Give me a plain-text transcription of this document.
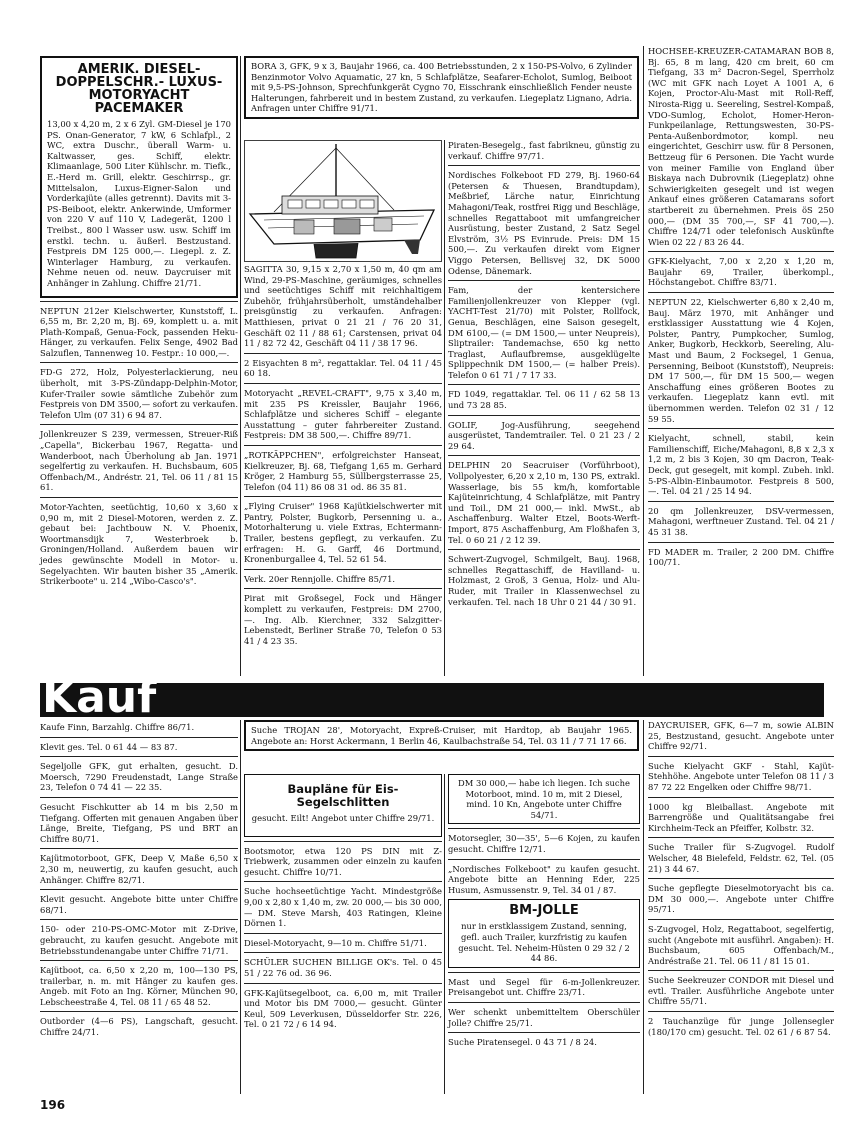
AMERIK. DIESEL-DOPPELSCHR.- LUXUS-MOTORYACHT PACEMAKER
13,00 x 4,20 m, 2 x 6 Zyl. GM-Diesel je 170 PS. Onan-Generator, 7 kW, 6 Schlafpl., 2 WC, extra Duschr., überall Warm- u. Kaltwasser, ges. Schiff, elektr. Klimaanlage, 500 Liter Kühlschr. m. Tiefk., E.-Herd m. Grill, elektr. Geschirrsp., gr. Mittelsalon, Luxus-Eigner-Salon und Vorderkajüte (alles getrennt). Davits mit 3-PS-Beiboot, elektr. Ankerwinde, Umformer von 220 V auf 110 V, Ladegerät, 1200 l Treibst., 800 l Wasser usw. usw. Schiff im erstkl. techn. u. äußerl. Bestzustand. Festpreis DM 125 000,—. Liegepl. z. Z. Winterlager Hamburg, zu verkaufen. Nehme neuen od. neuw. Daycruiser mit Anhänger in Zahlung. Chiffre 21/71.
NEPTUN 212er Kielschwerter, Kunststoff, L. 6,55 m, Br. 2,20 m, Bj. 69, komplett u. a. mit Plath-Kompaß, Genua-Fock, passenden Heku-Hänger, zu verkaufen. Felix Senge, 4902 Bad Salzuflen, Tannenweg 10. Festpr.: 10 000,—.
FD-G 272, Holz, Polyesterlackierung, neu überholt, mit 3-PS-Zündapp-Delphin-Motor, Kufer-Trailer sowie sämtliche Zubehör zum Festpreis von DM 3500,— sofort zu verkaufen. Telefon Ulm (07 31) 6 94 87.
Jollenkreuzer S 239, vermessen, Streuer-Riß „Capella", Bickerbau 1967, Regatta- und Wanderboot, nach Überholung ab Jan. 1971 segelfertig zu verkaufen. H. Buchsbaum, 605 Offenbach/M., Andréstr. 21, Tel. 06 11 / 81 15 61.
Motor-Yachten, seetüchtig, 10,60 x 3,60 x 0,90 m, mit 2 Diesel-Motoren, werden z. Z. gebaut bei: Jachtbouw N. V. Phoenix, Woortmansdijk 7, Westerbroek b. Groningen/Holland. Außerdem bauen wir jedes gewünschte Modell in Motor- u. Segelyachten. Wir bauten bisher 35 „Amerik. Strikerboote" u. 214 „Wibo-Casco's".
BORA 3, GFK, 9 x 3, Baujahr 1966, ca. 400 Betriebsstunden, 2 x 150-PS-Volvo, 6 Zylinder Benzinmotor Volvo Aquamatic, 27 kn, 5 Schlafplätze, Seafarer-Echolot, Sumlog, Beiboot mit 9,5-PS-Johnson, Sprechfunkgerät Cygno 70, Eisschrank einschließlich Fender neuste Halterungen, fahrbereit und in bestem Zustand, zu verkaufen. Liegeplatz Lignano, Adria. Anfragen unter Chiffre 91/71.
SAGITTA 30, 9,15 x 2,70 x 1,50 m, 40 qm am Wind, 29-PS-Maschine, geräumiges, schnelles und seetüchtiges Schiff mit reichhaltigem Zubehör, frühjahrsüberholt, umständehalber preisgünstig zu verkaufen. Anfragen: Matthiesen, privat 0 21 21 / 76 20 31, Geschäft 02 11 / 88 61; Carstensen, privat 04 11 / 82 72 42, Geschäft 04 11 / 38 17 96.
2 Eisyachten 8 m², regattaklar. Tel. 04 11 / 45 60 18.
Motoryacht „REVEL-CRAFT", 9,75 x 3,40 m, mit 235 PS Kreissler, Baujahr 1966, Schlafplätze und sicheres Schiff – elegante Ausstattung – guter fahrbereiter Zustand. Festpreis: DM 38 500,—. Chiffre 89/71.
„ROTKÄPPCHEN", erfolgreichster Hanseat, Kielkreuzer, Bj. 68, Tiefgang 1,65 m. Gerhard Kröger, 2 Hamburg 55, Süllbergsterrasse 25, Telefon (04 11) 86 08 31 od. 86 35 81.
„Flying Cruiser" 1968 Kajütkielschwerter mit Pantry, Polster, Bugkorb, Persenning u. a., Motorhalterung u. viele Extras, Echtermann-Trailer, bestens gepflegt, zu verkaufen. Zu erfragen: H. G. Garff, 46 Dortmund, Kronenburgallee 4, Tel. 52 61 54.
Verk. 20er Rennjolle. Chiffre 85/71.
Pirat mit Großsegel, Fock und Hänger komplett zu verkaufen, Festpreis: DM 2700,—. Ing. Alb. Kierchner, 332 Salzgitter-Lebenstedt, Berliner Straße 70, Telefon 0 53 41 / 4 23 35.
Piraten-Besegelg., fast fabrikneu, günstig zu verkauf. Chiffre 97/71.
Nordisches Folkeboot FD 279, Bj. 1960-64 (Petersen & Thuesen, Brandtupdam), Meßbrief, Lärche natur, Einrichtung Mahagoni/Teak, rostfrei Rigg und Beschläge, schnelles Regattaboot mit umfangreicher Ausrüstung, bester Zustand, 2 Satz Segel Elvström, 3½ PS Evinrude. Preis: DM 15 500,—. Zu verkaufen direkt vom Eigner Viggo Petersen, Bellisvej 32, DK 5000 Odense, Dänemark.
Fam, der kentersichere Familienjollenkreuzer von Klepper (vgl. YACHT-Test 21/70) mit Polster, Rollfock, Genua, Beschlägen, eine Saison gesegelt, DM 6100,— (= DM 1500,— unter Neupreis), Sliptrailer: Tandemachse, 650 kg netto Traglast, Auflaufbremse, ausgeklügelte Splippechnik DM 1500,— (= halber Preis). Telefon 0 61 71 / 7 17 33.
FD 1049, regattaklar. Tel. 06 11 / 62 58 13 und 73 28 85.
GOLIF, Jog-Ausführung, seegehend ausgerüstet, Tandemtrailer. Tel. 0 21 23 / 2 29 64.
DELPHIN 20 Seacruiser (Vorführboot), Vollpolyester, 6,20 x 2,10 m, 130 PS, extrakl. Wasserlage, bis 55 km/h, komfortable Kajüteinrichtung, 4 Schlafplätze, mit Pantry und Toil., DM 21 000,— inkl. MwSt., ab Aschaffenburg. Walter Etzel, Boots-Werft-Import, 875 Aschaffenburg, Am Floßhafen 3, Tel. 0 60 21 / 2 12 39.
Schwert-Zugvogel, Schmilgelt, Bauj. 1968, schnelles Regattaschiff, de Havilland- u. Holzmast, 2 Groß, 3 Genua, Holz- und Alu-Ruder, mit Trailer in Klassenwechsel zu verkaufen. Tel. nach 18 Uhr 0 21 44 / 30 91.
HOCHSEE-KREUZER-CATAMARAN BOB 8, Bj. 65, 8 m lang, 420 cm breit, 60 cm Tiefgang, 33 m² Dacron-Segel, Sperrholz (WC mit GFK nach Loyet A 1001 A, 6 Kojen, Proctor-Alu-Mast mit Roll-Reff, Nirosta-Rigg u. Seereling, Sestrel-Kompaß, VDO-Sumlog, Echolot, Homer-Heron-Funkpeilanlage, Rettungswesten, 30-PS-Penta-Außenbordmotor, kompl. neu eingerichtet, Geschirr usw. für 8 Personen, Bettzeug für 6 Personen. Die Yacht wurde von meiner Familie von England über Biskaya nach Dubrovnik (Liegeplatz) ohne Schwierigkeiten gesegelt und ist wegen Ankauf eines größeren Catamarans sofort startbereit zu übernehmen. Preis öS 250 000,— (DM 35 700,—, SF 41 700,—). Chiffre 124/71 oder telefonisch Auskünfte Wien 02 22 / 83 26 44.
GFK-Kielyacht, 7,00 x 2,20 x 1,20 m, Baujahr 69, Trailer, überkompl., Höchstangebot. Chiffre 83/71.
NEPTUN 22, Kielschwerter 6,80 x 2,40 m, Bauj. März 1970, mit Anhänger und erstklassiger Ausstattung wie 4 Kojen, Polster, Pantry, Pumpkocher, Sumlog, Anker, Bugkorb, Heckkorb, Seereling, Alu-Mast und Baum, 2 Focksegel, 1 Genua, Persenning, Beiboot (Kunststoff), Neupreis: DM 17 500,—, für DM 15 500,— wegen Anschaffung eines größeren Bootes zu verkaufen. Liegeplatz kann evtl. mit übernommen werden. Telefon 02 31 / 12 59 55.
Kielyacht, schnell, stabil, kein Familienschiff, Eiche/Mahagoni, 8,8 x 2,3 x 1,2 m, 2 bis 3 Kojen, 30 qm Dacron, Teak-Deck, gut gesegelt, mit kompl. Zubeh. inkl. 5-PS-Albin-Einbaumotor. Festpreis 8 500,—. Tel. 04 21 / 25 14 94.
20 qm Jollenkreuzer, DSV-vermessen, Mahagoni, werftneuer Zustand. Tel. 04 21 / 45 31 38.
FD MADER m. Trailer, 2 200 DM. Chiffre 100/71.
Kauf
Kaufe Finn, Barzahlg. Chiffre 86/71.
Klevit ges. Tel. 0 61 44 — 83 87.
Segeljolle GFK, gut erhalten, gesucht. D. Moersch, 7290 Freudenstadt, Lange Straße 23, Telefon 0 74 41 — 22 35.
Gesucht Fischkutter ab 14 m bis 2,50 m Tiefgang. Offerten mit genauen Angaben über Länge, Breite, Tiefgang, PS und BRT an Chiffre 80/71.
Kajütmotorboot, GFK, Deep V, Maße 6,50 x 2,30 m, neuwertig, zu kaufen gesucht, auch Anhänger. Chiffre 82/71.
Klevit gesucht. Angebote bitte unter Chiffre 68/71.
150- oder 210-PS-OMC-Motor mit Z-Drive, gebraucht, zu kaufen gesucht. Angebote mit Betriebsstundenangabe unter Chiffre 71/71.
Kajütboot, ca. 6,50 x 2,20 m, 100—130 PS, trailerbar, n. m. mit Hänger zu kaufen ges. Angeb. mit Foto an Ing. Körner, München 90, Lebscheestraße 4, Tel. 08 11 / 65 48 52.
Outborder (4—6 PS), Langschaft, gesucht. Chiffre 24/71.
Suche TROJAN 28', Motoryacht, Expreß-Cruiser, mit Hardtop, ab Baujahr 1965. Angebote an: Horst Ackermann, 1 Berlin 46, Kaulbachstraße 54, Tel. 03 11 / 7 71 17 66.
Baupläne für Eis-Segelschlitten
gesucht. Eilt! Angebot unter Chiffre 29/71.
Bootsmotor, etwa 120 PS DIN mit Z-Triebwerk, zusammen oder einzeln zu kaufen gesucht. Chiffre 10/71.
Suche hochseetüchtige Yacht. Mindestgröße 9,00 x 2,80 x 1,40 m, zw. 20 000,— bis 30 000,— DM. Steve Marsh, 403 Ratingen, Kleine Dörnen 1.
Diesel-Motoryacht, 9—10 m. Chiffre 51/71.
SCHÜLER SUCHEN BILLIGE OK's. Tel. 0 45 51 / 22 76 od. 36 96.
GFK-Kajütsegelboot, ca. 6,00 m, mit Trailer und Motor bis DM 7000,— gesucht. Günter Keul, 509 Leverkusen, Düsseldorfer Str. 226, Tel. 0 21 72 / 6 14 94.
DM 30 000,— habe ich liegen. Ich suche Motorboot, mind. 10 m, mit 2 Diesel, mind. 10 Kn, Angebote unter Chiffre 54/71.
Motorsegler, 30—35', 5—6 Kojen, zu kaufen gesucht. Chiffre 12/71.
„Nordisches Folkeboot" zu kaufen gesucht. Angebote bitte an Henning Eder, 225 Husum, Asmussenstr. 9, Tel. 34 01 / 87.
BM-JOLLE
nur in erstklassigem Zustand, senning, gefl. auch Trailer, kurzfristig zu kaufen gesucht. Tel. Neheim-Hüsten 0 29 32 / 2 44 86.
Mast und Segel für 6-m-Jollenkreuzer. Preisangebot unt. Chiffre 23/71.
Wer schenkt unbemitteltem Oberschüler Jolle? Chiffre 25/71.
Suche Piratensegel. 0 43 71 / 8 24.
DAYCRUISER, GFK, 6—7 m, sowie ALBIN 25, Bestzustand, gesucht. Angebote unter Chiffre 92/71.
Suche Kielyacht GKF - Stahl, Kajüt-Stehhöhe. Angebote unter Telefon 08 11 / 3 87 72 22 Engelken oder Chiffre 98/71.
1000 kg Bleiballast. Angebote mit Barrengröße und Qualitätsangabe frei Kirchheim-Teck an Pfeiffer, Kolbstr. 32.
Suche Trailer für S-Zugvogel. Rudolf Welscher, 48 Bielefeld, Feldstr. 62, Tel. (05 21) 3 44 67.
Suche gepflegte Dieselmotoryacht bis ca. DM 30 000,—. Angebote unter Chiffre 95/71.
S-Zugvogel, Holz, Regattaboot, segelfertig, sucht (Angebote mit ausführl. Angaben): H. Buchsbaum, 605 Offenbach/M., Andréstraße 21. Tel. 06 11 / 81 15 01.
Suche Seekreuzer CONDOR mit Diesel und evtl. Trailer. Ausführliche Angebote unter Chiffre 55/71.
2 Tauchanzüge für junge Jollensegler (180/170 cm) gesucht. Tel. 02 61 / 6 87 54.
196
